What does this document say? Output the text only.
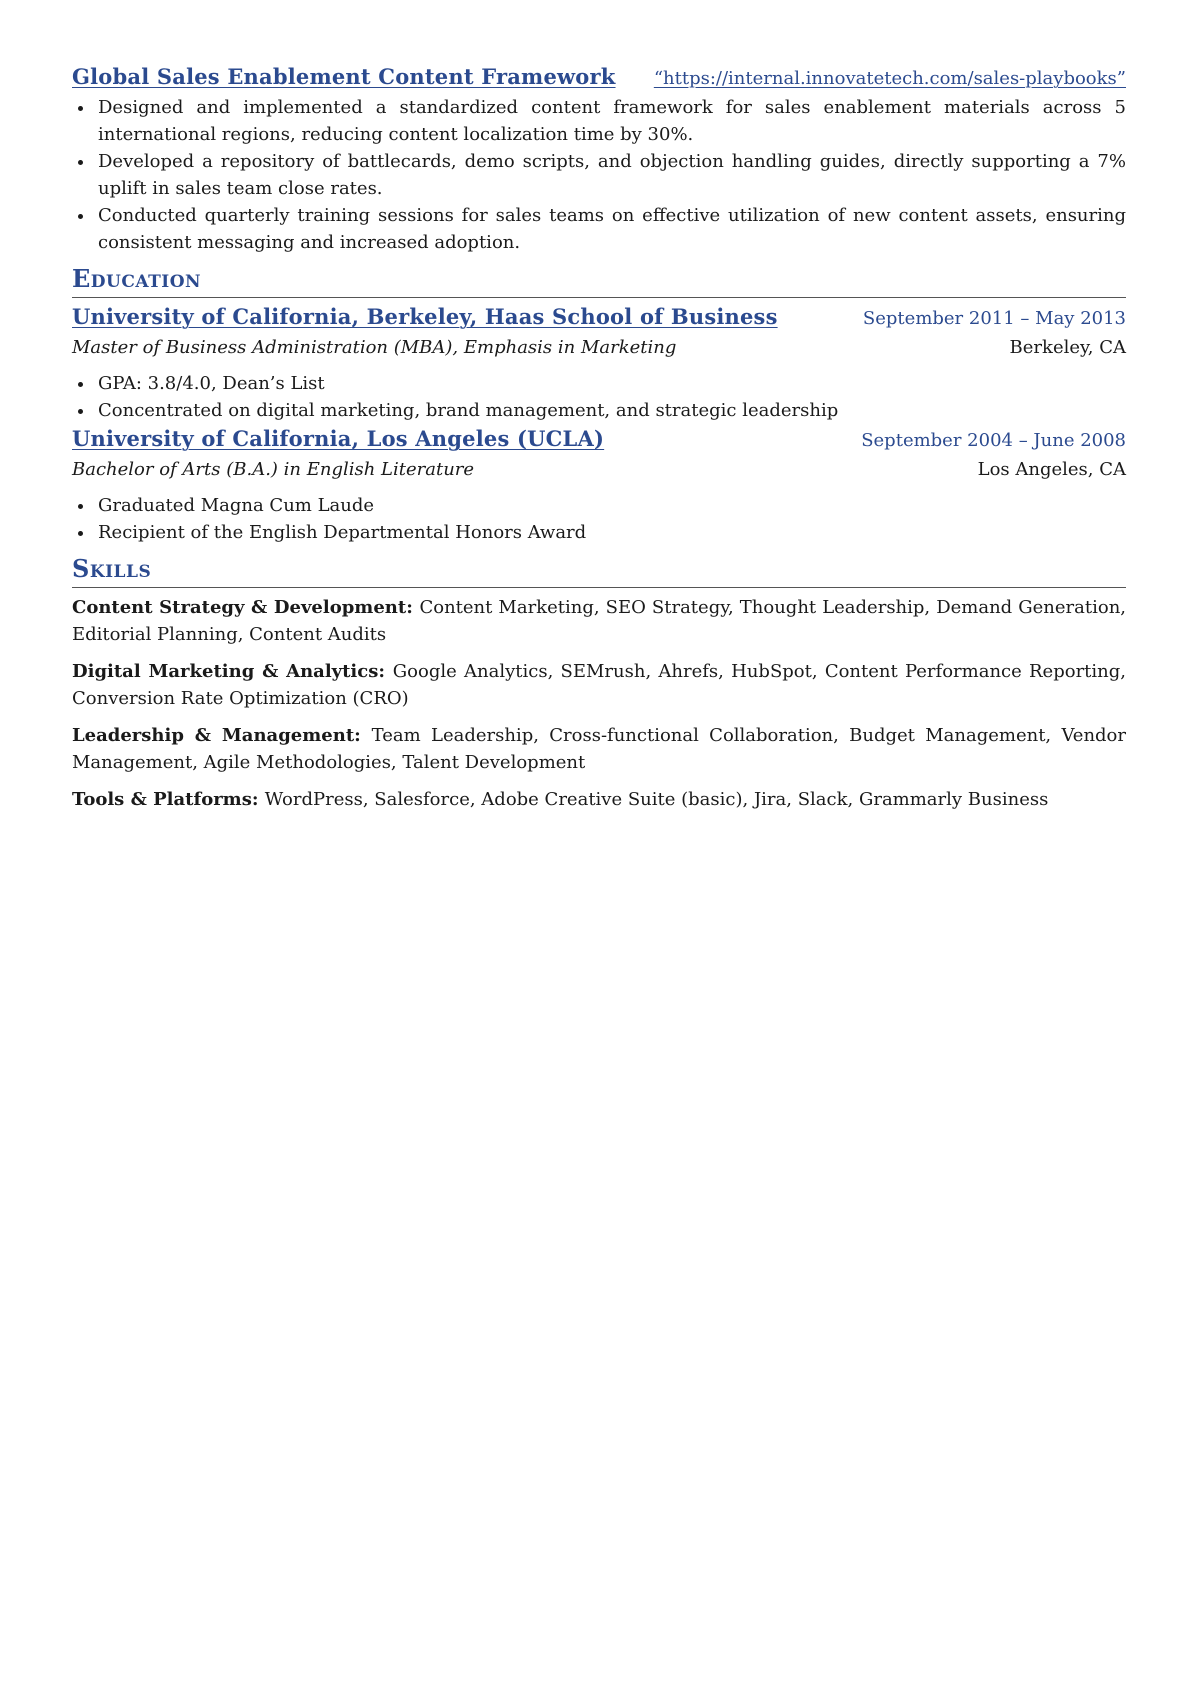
Global Sales Enablement Content Framework “https://internal.innovatetech.com/sales-playbooks”
Designed and implemented a standardized content framework for sales enablement materials across 5 international regions, reducing content localization time by 30%.
Developed a repository of battlecards, demo scripts, and objection handling guides, directly supporting a 7% uplift in sales team close rates.
Conducted quarterly training sessions for sales teams on effective utilization of new content assets, ensuring consistent messaging and increased adoption.
Education
University of California, Berkeley, Haas School of Business	September 2011 – May 2013
Master of Business Administration (MBA), Emphasis in Marketing	Berkeley, CA
GPA: 3.8/4.0, Dean’s List
Concentrated on digital marketing, brand management, and strategic leadership
University of California, Los Angeles (UCLA)	September 2004 – June 2008
Bachelor of Arts (B.A.) in English Literature	Los Angeles, CA
Graduated Magna Cum Laude
Recipient of the English Departmental Honors Award
Skills
Content Strategy & Development: Content Marketing, SEO Strategy, Thought Leadership, Demand Generation, Editorial Planning, Content Audits
Digital Marketing & Analytics: Google Analytics, SEMrush, Ahrefs, HubSpot, Content Performance Reporting, Conversion Rate Optimization (CRO)
Leadership & Management: Team Leadership, Cross-functional Collaboration, Budget Management, Vendor Management, Agile Methodologies, Talent Development
Tools & Platforms: WordPress, Salesforce, Adobe Creative Suite (basic), Jira, Slack, Grammarly Business
